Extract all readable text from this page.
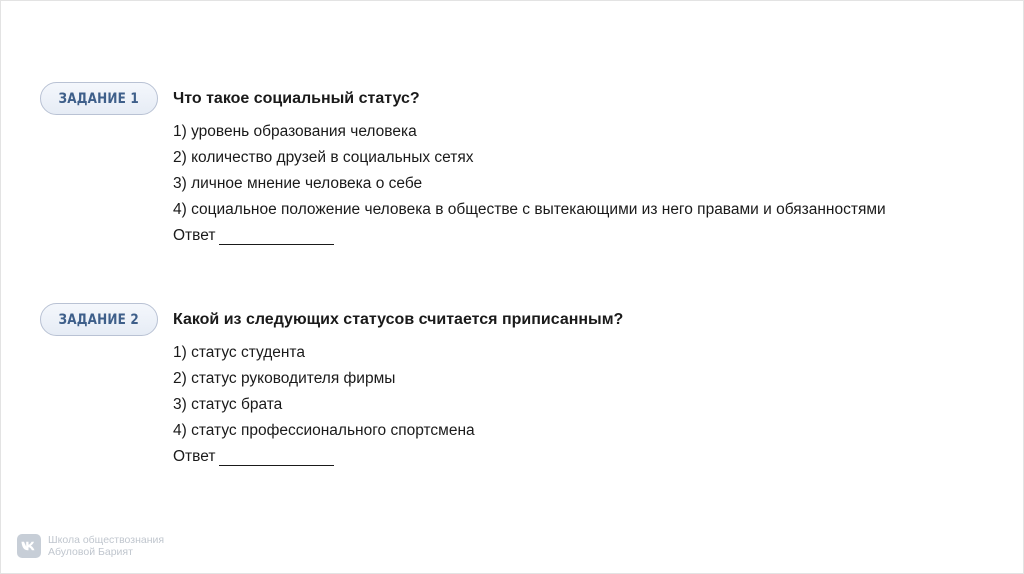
ЗАДАНИЕ 1 Что такое социальный статус?
1) уровень образования человека
2) количество друзей в социальных сетях
3) личное мнение человека о себе
4) социальное положение человека в обществе с вытекающими из него правами и обязанностями
Ответ
ЗАДАНИЕ 2 Какой из следующих статусов считается приписанным?
1) статус студента
2) статус руководителя фирмы
3) статус брата
4) статус профессионального спортсмена
Ответ
Школа обществознания
Абуловой Барият
